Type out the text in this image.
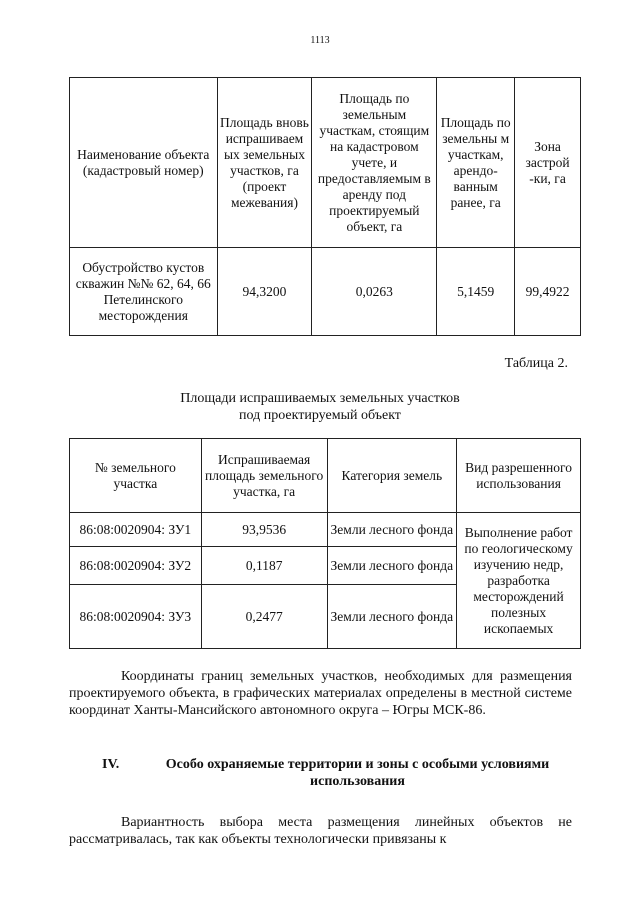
1113
Наименование объекта (кадастровый номер)	Площадь вновь испрашиваем ых земельных участков, га (проект межевания)	Площадь по земельным участкам, стоящим на кадастровом учете, и предоставляемым в аренду под проектируемый объект, га	Площадь по земельны м участкам, арендо-ванным ранее, га	Зона застрой -ки, га
Обустройство кустов скважин №№ 62, 64, 66 Петелинского месторождения	94,3200	0,0263	5,1459	99,4922
Таблица 2.
Площади испрашиваемых земельных участков
под проектируемый объект
№ земельного участка	Испрашиваемая площадь земельного участка, га	Категория земель	Вид разрешенного использования
86:08:0020904: ЗУ1	93,9536	Земли лесного фонда	Выполнение работ по геологическому изучению недр, разработка месторождений полезных ископаемых
86:08:0020904: ЗУ2	0,1187	Земли лесного фонда	
86:08:0020904: ЗУ3	0,2477	Земли лесного фонда	
Координаты границ земельных участков, необходимых для размещения проектируемого объекта, в графических материалах определены в местной системе координат Ханты-Мансийского автономного округа – Югры МСК-86.
IV.	Особо охраняемые территории и зоны с особыми условиями использования
Вариантность выбора места размещения линейных объектов не рассматривалась, так как объекты технологически привязаны к
